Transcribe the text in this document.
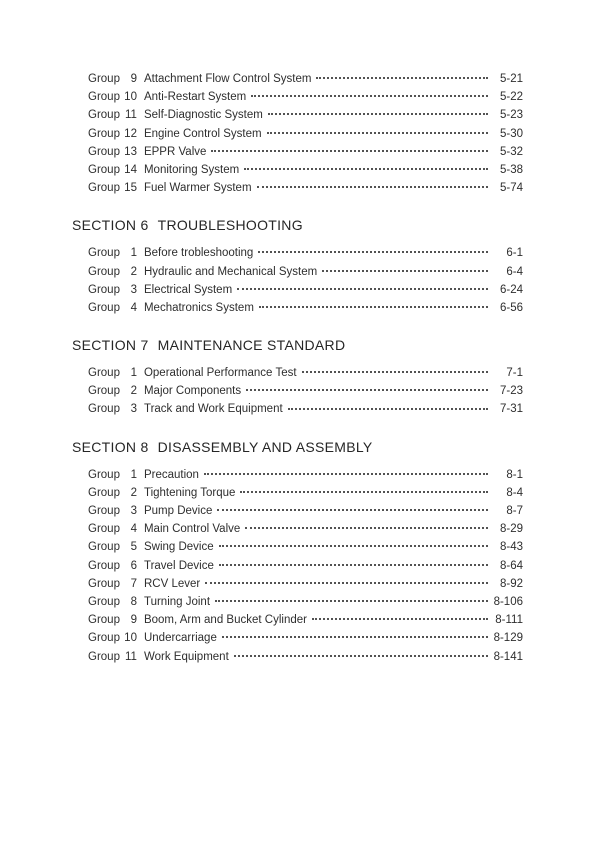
Group 9 Attachment Flow Control System	5-21
Group 10 Anti-Restart System	5-22
Group 11 Self-Diagnostic System	5-23
Group 12 Engine Control System	5-30
Group 13 EPPR Valve	5-32
Group 14 Monitoring System	5-38
Group 15 Fuel Warmer System	5-74
SECTION 6 TROUBLESHOOTING
Group 1 Before trobleshooting	6-1
Group 2 Hydraulic and Mechanical System	6-4
Group 3 Electrical System	6-24
Group 4 Mechatronics System	6-56
SECTION 7 MAINTENANCE STANDARD
Group 1 Operational Performance Test	7-1
Group 2 Major Components	7-23
Group 3 Track and Work Equipment	7-31
SECTION 8 DISASSEMBLY AND ASSEMBLY
Group 1 Precaution	8-1
Group 2 Tightening Torque	8-4
Group 3 Pump Device	8-7
Group 4 Main Control Valve	8-29
Group 5 Swing Device	8-43
Group 6 Travel Device	8-64
Group 7 RCV Lever	8-92
Group 8 Turning Joint	8-106
Group 9 Boom, Arm and Bucket Cylinder	8-111
Group 10 Undercarriage	8-129
Group 11 Work Equipment	8-141
